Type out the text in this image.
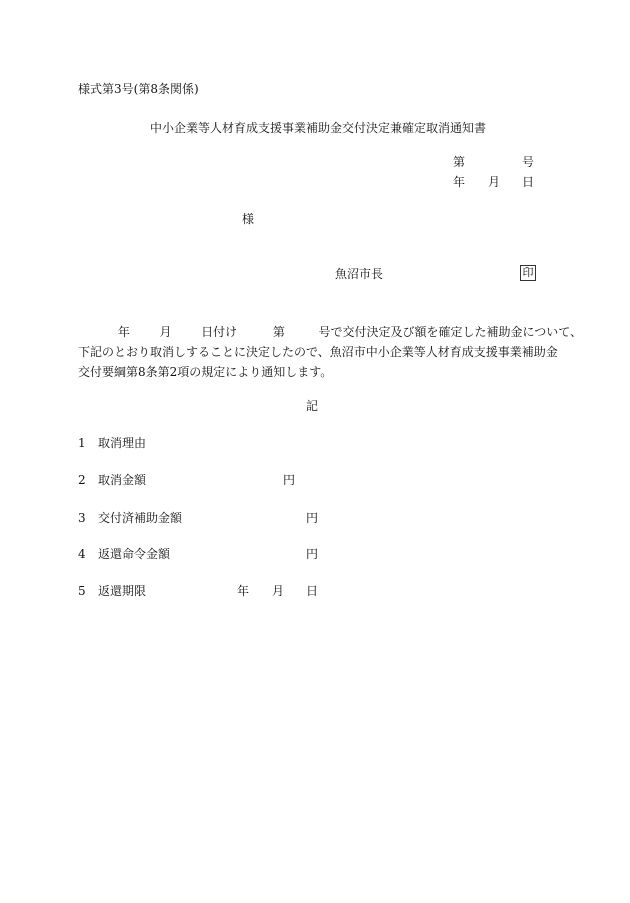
様式第3号(第8条関係)
中小企業等人材育成支援事業補助金交付決定兼確定取消通知書
第	号
年 月 日
様
魚沼市長	印
年 月 日付け	第	号で交付決定及び額を確定した補助金について、
下記のとおり取消しすることに決定したので、魚沼市中小企業等人材育成支援事業補助金
交付要綱第8条第2項の規定により通知します。
記
1 取消理由
2 取消金額	円
3 交付済補助金額	円
4 返還命令金額	円
5 返還期限	年 月 日
